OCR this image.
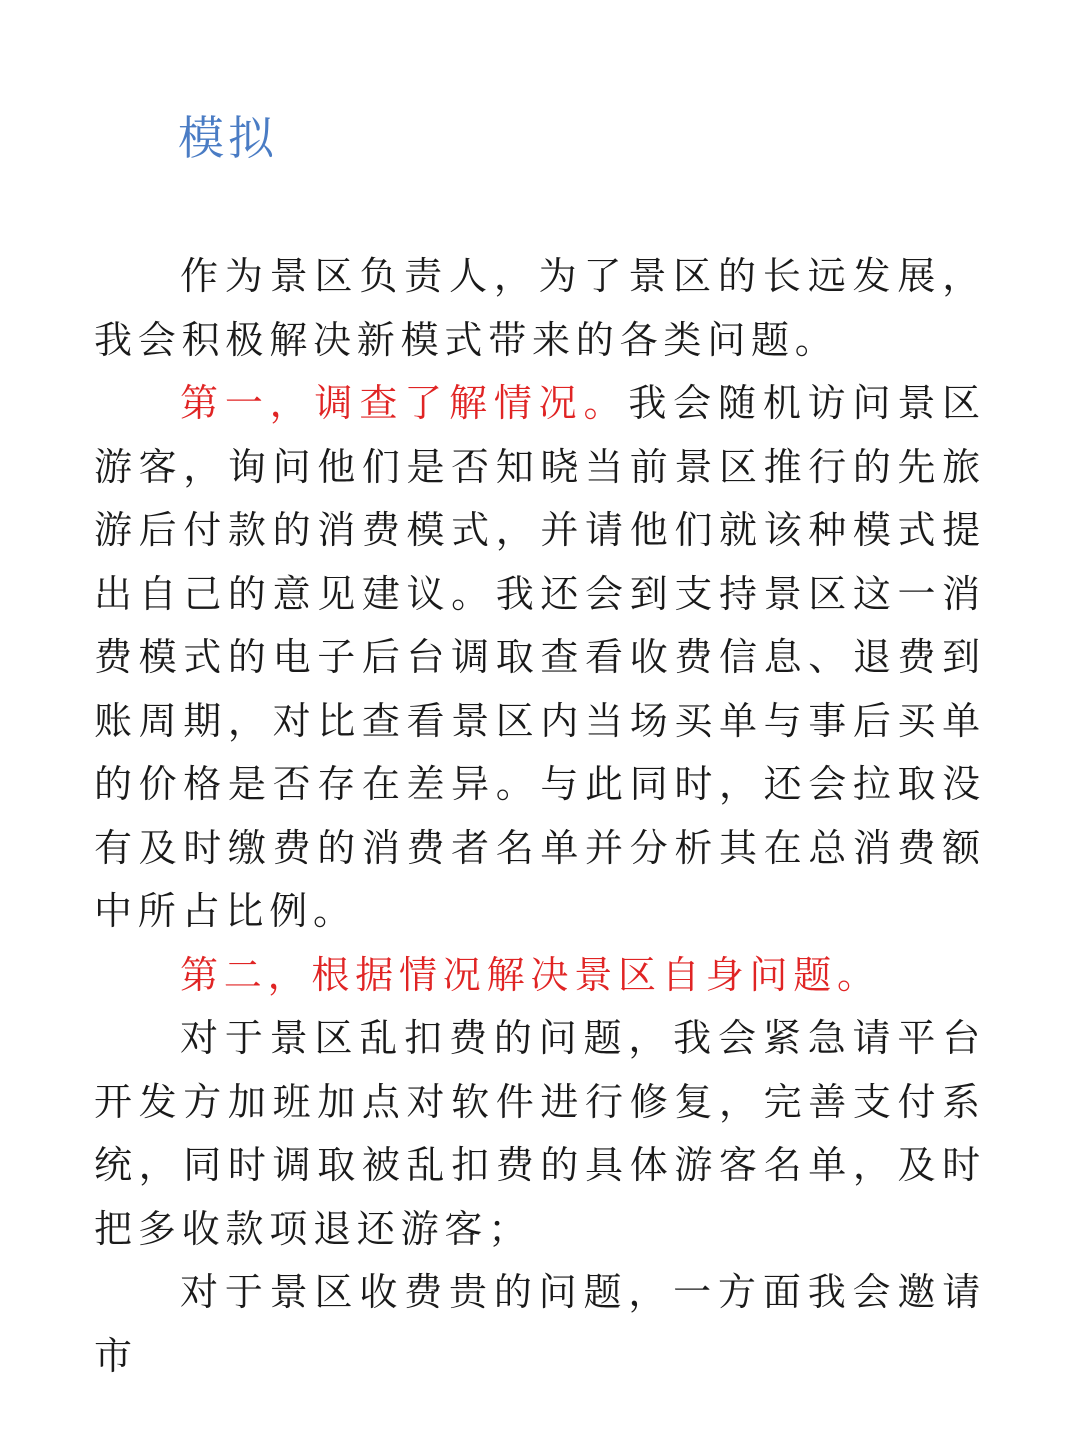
模拟

作为景区负责人，为了景区的长远发展，我会积极解决新模式带来的各类问题。

第一，调查了解情况。我会随机访问景区游客，询问他们是否知晓当前景区推行的先旅游后付款的消费模式，并请他们就该种模式提出自己的意见建议。我还会到支持景区这一消费模式的电子后台调取查看收费信息、退费到账周期，对比查看景区内当场买单与事后买单的价格是否存在差异。与此同时，还会拉取没有及时缴费的消费者名单并分析其在总消费额中所占比例。

第二，根据情况解决景区自身问题。

对于景区乱扣费的问题，我会紧急请平台开发方加班加点对软件进行修复，完善支付系统，同时调取被乱扣费的具体游客名单，及时把多收款项退还游客；

对于景区收费贵的问题，一方面我会邀请市
